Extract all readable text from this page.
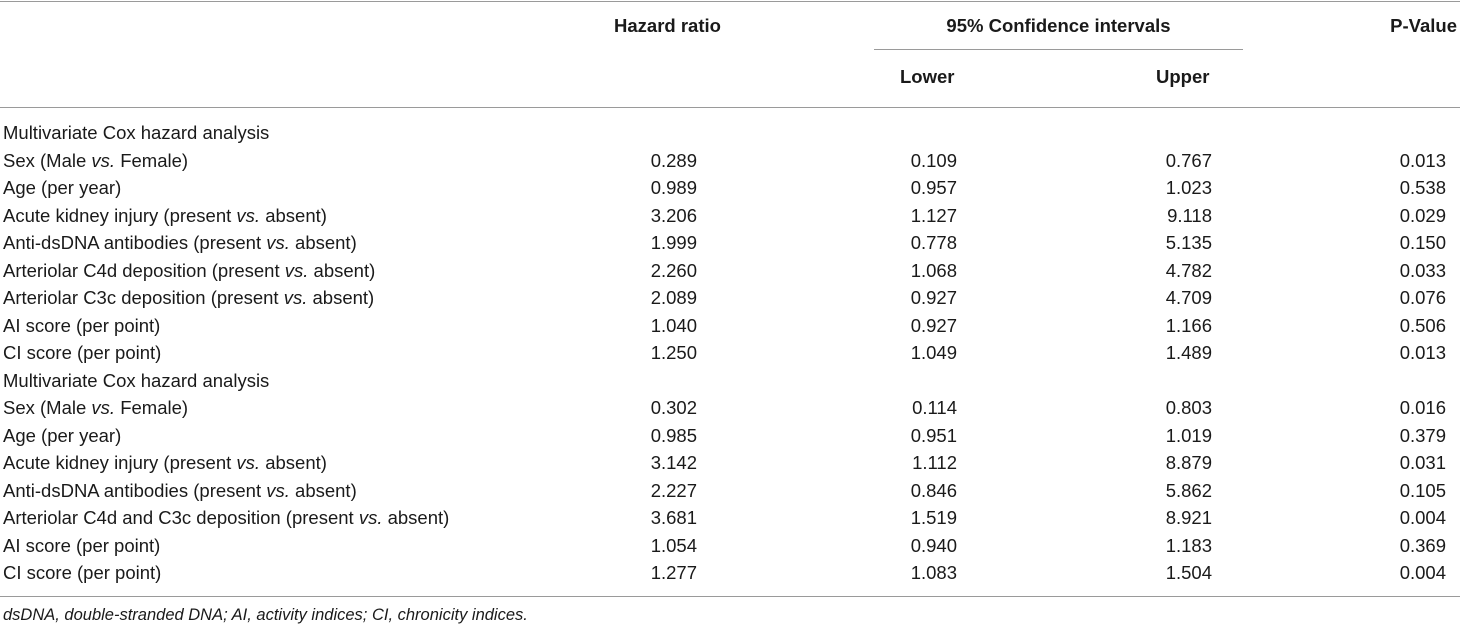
Hazard ratio	95% Confidence intervals	P-Value
Lower	Upper
Multivariate Cox hazard analysis
Sex (Male vs. Female)	0.289	0.109	0.767	0.013
Age (per year)	0.989	0.957	1.023	0.538
Acute kidney injury (present vs. absent)	3.206	1.127	9.118	0.029
Anti-dsDNA antibodies (present vs. absent)	1.999	0.778	5.135	0.150
Arteriolar C4d deposition (present vs. absent)	2.260	1.068	4.782	0.033
Arteriolar C3c deposition (present vs. absent)	2.089	0.927	4.709	0.076
AI score (per point)	1.040	0.927	1.166	0.506
CI score (per point)	1.250	1.049	1.489	0.013
Multivariate Cox hazard analysis
Sex (Male vs. Female)	0.302	0.114	0.803	0.016
Age (per year)	0.985	0.951	1.019	0.379
Acute kidney injury (present vs. absent)	3.142	1.112	8.879	0.031
Anti-dsDNA antibodies (present vs. absent)	2.227	0.846	5.862	0.105
Arteriolar C4d and C3c deposition (present vs. absent)	3.681	1.519	8.921	0.004
AI score (per point)	1.054	0.940	1.183	0.369
CI score (per point)	1.277	1.083	1.504	0.004
dsDNA, double-stranded DNA; AI, activity indices; CI, chronicity indices.
